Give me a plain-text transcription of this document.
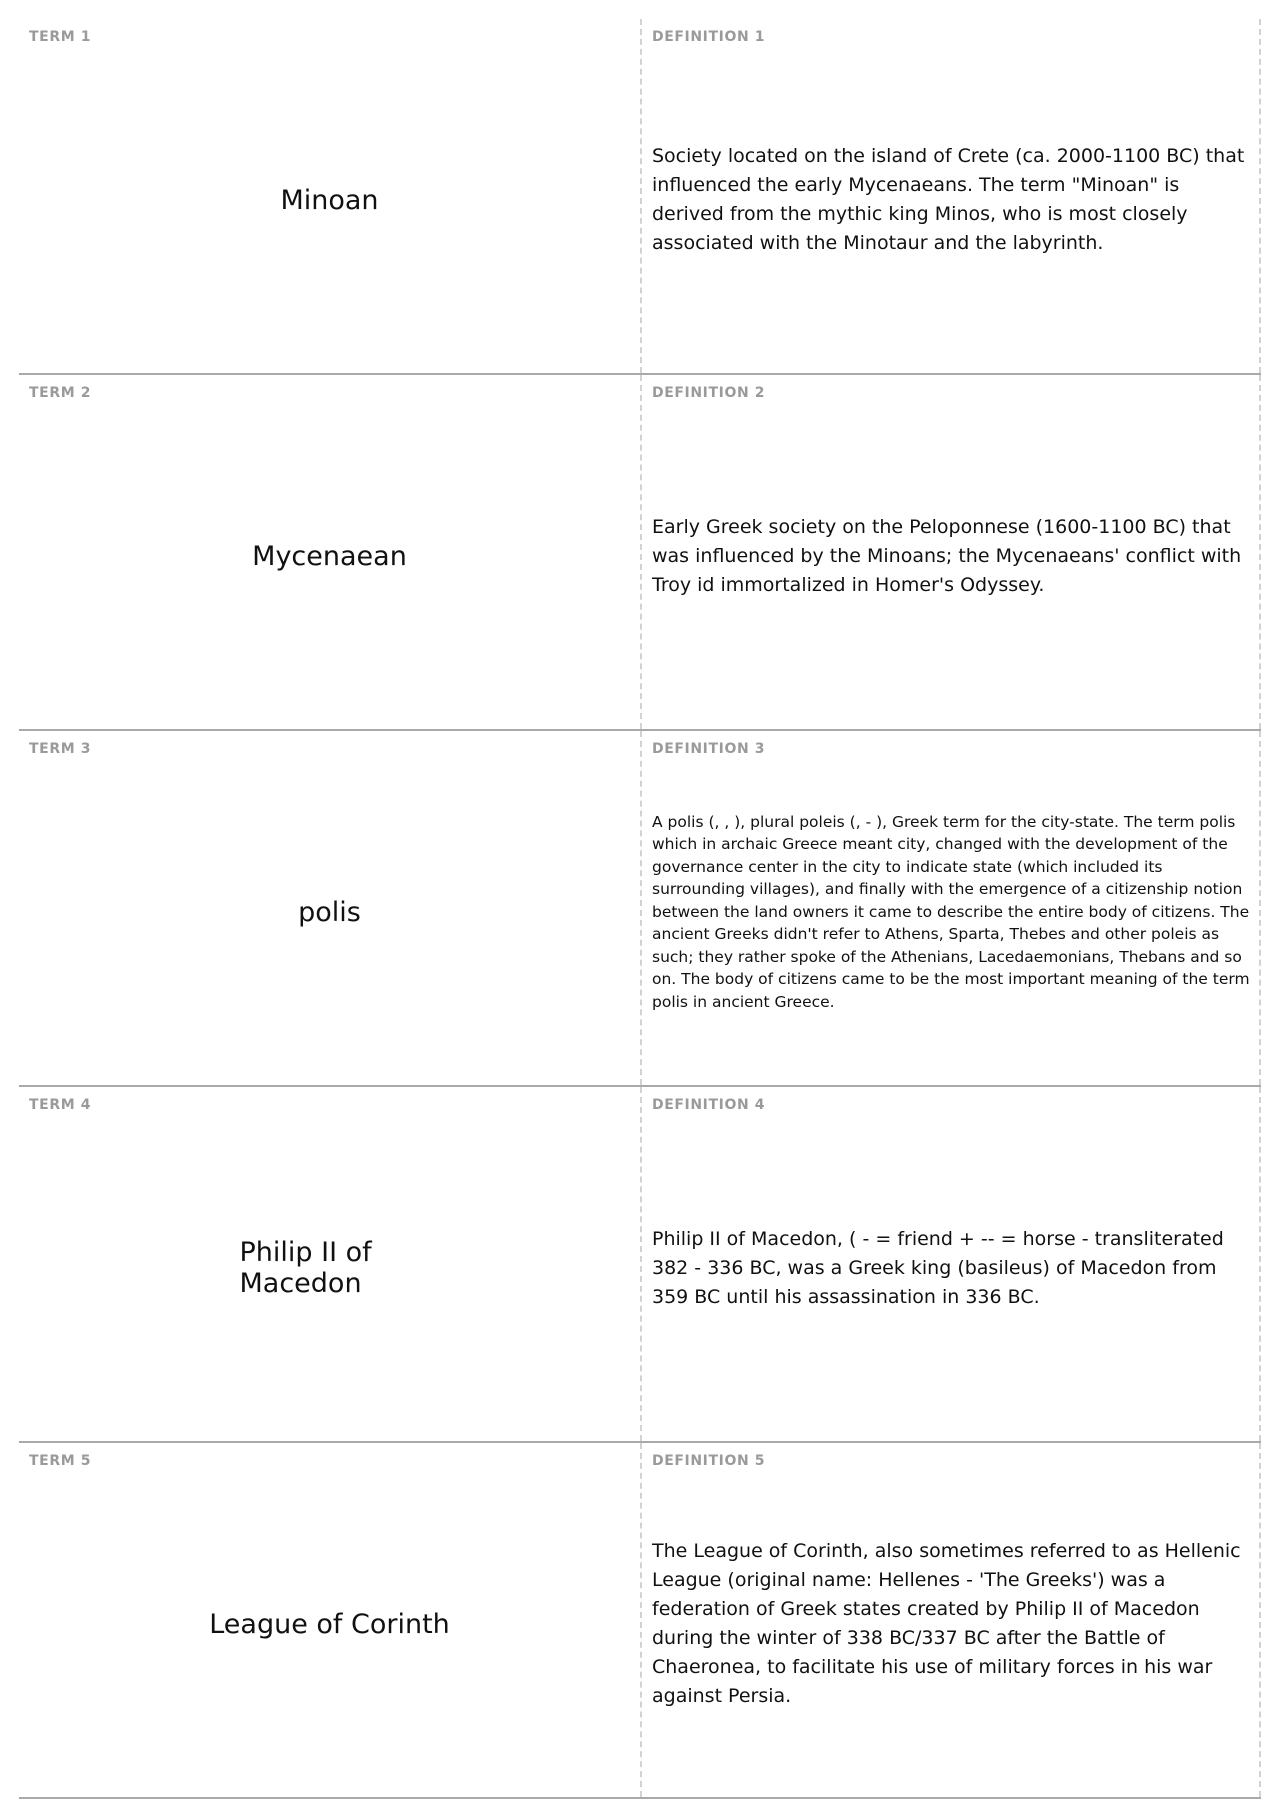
TERM 1
Minoan
DEFINITION 1
Society located on the island of Crete (ca. 2000-1100 BC) that influenced the early Mycenaeans. The term "Minoan" is derived from the mythic king Minos, who is most closely associated with the Minotaur and the labyrinth.
TERM 2
Mycenaean
DEFINITION 2
Early Greek society on the Peloponnese (1600-1100 BC) that was influenced by the Minoans; the Mycenaeans' conflict with Troy id immortalized in Homer's Odyssey.
TERM 3
polis
DEFINITION 3
A polis (, , ), plural poleis (, - ), Greek term for the city-state. The term polis which in archaic Greece meant city, changed with the development of the governance center in the city to indicate state (which included its surrounding villages), and finally with the emergence of a citizenship notion between the land owners it came to describe the entire body of citizens. The ancient Greeks didn't refer to Athens, Sparta, Thebes and other poleis as such; they rather spoke of the Athenians, Lacedaemonians, Thebans and so on. The body of citizens came to be the most important meaning of the term polis in ancient Greece.
TERM 4
Philip II of Macedon
DEFINITION 4
Philip II of Macedon, ( - = friend + -- = horse - transliterated 382 - 336 BC, was a Greek king (basileus) of Macedon from 359 BC until his assassination in 336 BC.
TERM 5
League of Corinth
DEFINITION 5
The League of Corinth, also sometimes referred to as Hellenic League (original name: Hellenes - 'The Greeks') was a federation of Greek states created by Philip II of Macedon during the winter of 338 BC/337 BC after the Battle of Chaeronea, to facilitate his use of military forces in his war against Persia.
